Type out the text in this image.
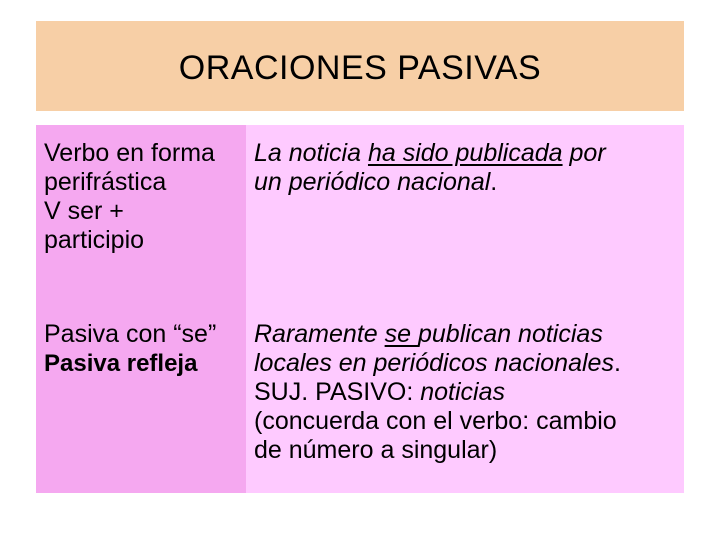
ORACIONES PASIVAS
Verbo en forma
perifrástica
V ser +
participio
La noticia ha sido publicada por
un periódico nacional.
Pasiva con “se”
Pasiva refleja
Raramente se publican noticias
locales en periódicos nacionales.
SUJ. PASIVO: noticias
(concuerda con el verbo: cambio
de número a singular)
